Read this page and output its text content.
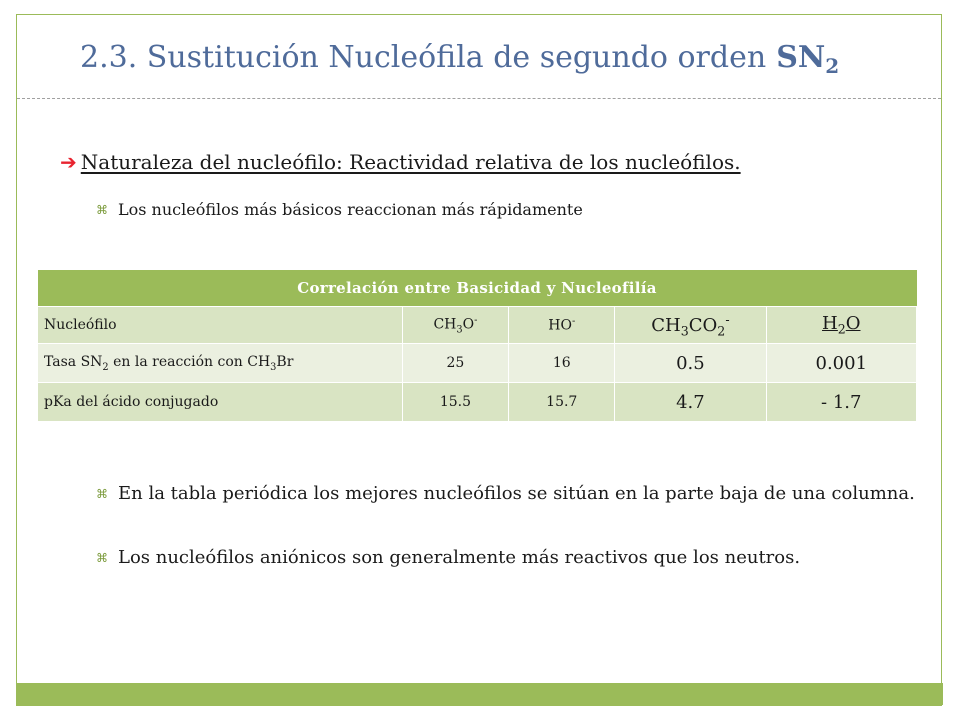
2.3. Sustitución Nucleófila de segundo orden $SN_2$
➔ Naturaleza del nucleófilo: Reactividad relativa de los nucleófilos.
⌘ Los nucleófilos más básicos reaccionan más rápidamente
Correlación entre Basicidad y Nucleofilía				
Nucleófilo	$CH_3O^-$	HO-	$CH_3CO_2^-$	$H_2O$
Tasa $SN_2$ en la reacción con $CH_3Br$	25	16	0.5	0.001
pKa del ácido conjugado	15.5	15.7	4.7	- 1.7
⌘ En la tabla periódica los mejores nucleófilos se sitúan en la parte baja de una columna.
⌘ Los nucleófilos aniónicos son generalmente más reactivos que los neutros.
